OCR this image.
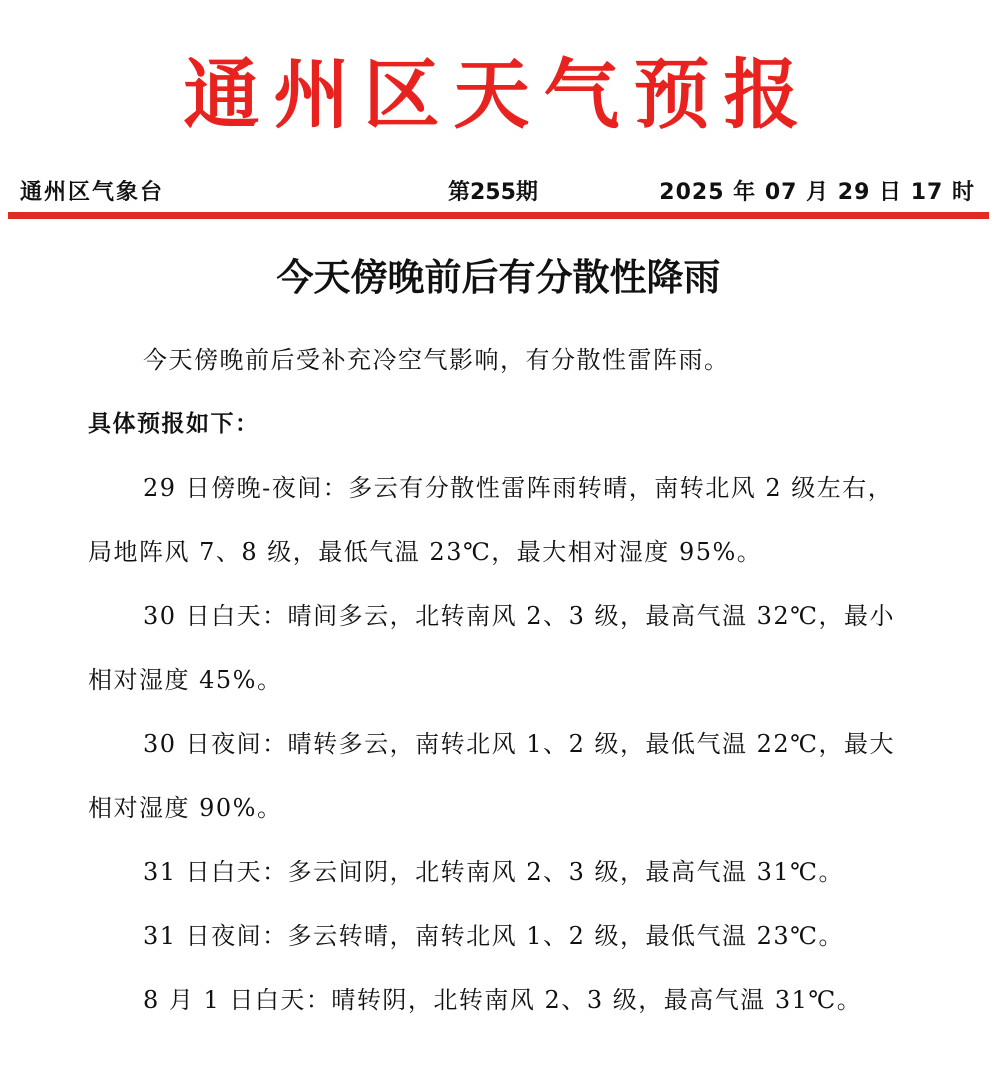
通州区天气预报
通州区气象台	第255期	2025 年 07 月 29 日 17 时
今天傍晚前后有分散性降雨

今天傍晚前后受补充冷空气影响，有分散性雷阵雨。

具体预报如下：

29 日傍晚-夜间：多云有分散性雷阵雨转晴，南转北风 2 级左右，局地阵风 7、8 级，最低气温 23℃，最大相对湿度 95%。

30 日白天：晴间多云，北转南风 2、3 级，最高气温 32℃，最小相对湿度 45%。

30 日夜间：晴转多云，南转北风 1、2 级，最低气温 22℃，最大相对湿度 90%。

31 日白天：多云间阴，北转南风 2、3 级，最高气温 31℃。

31 日夜间：多云转晴，南转北风 1、2 级，最低气温 23℃。

8 月 1 日白天：晴转阴，北转南风 2、3 级，最高气温 31℃。
